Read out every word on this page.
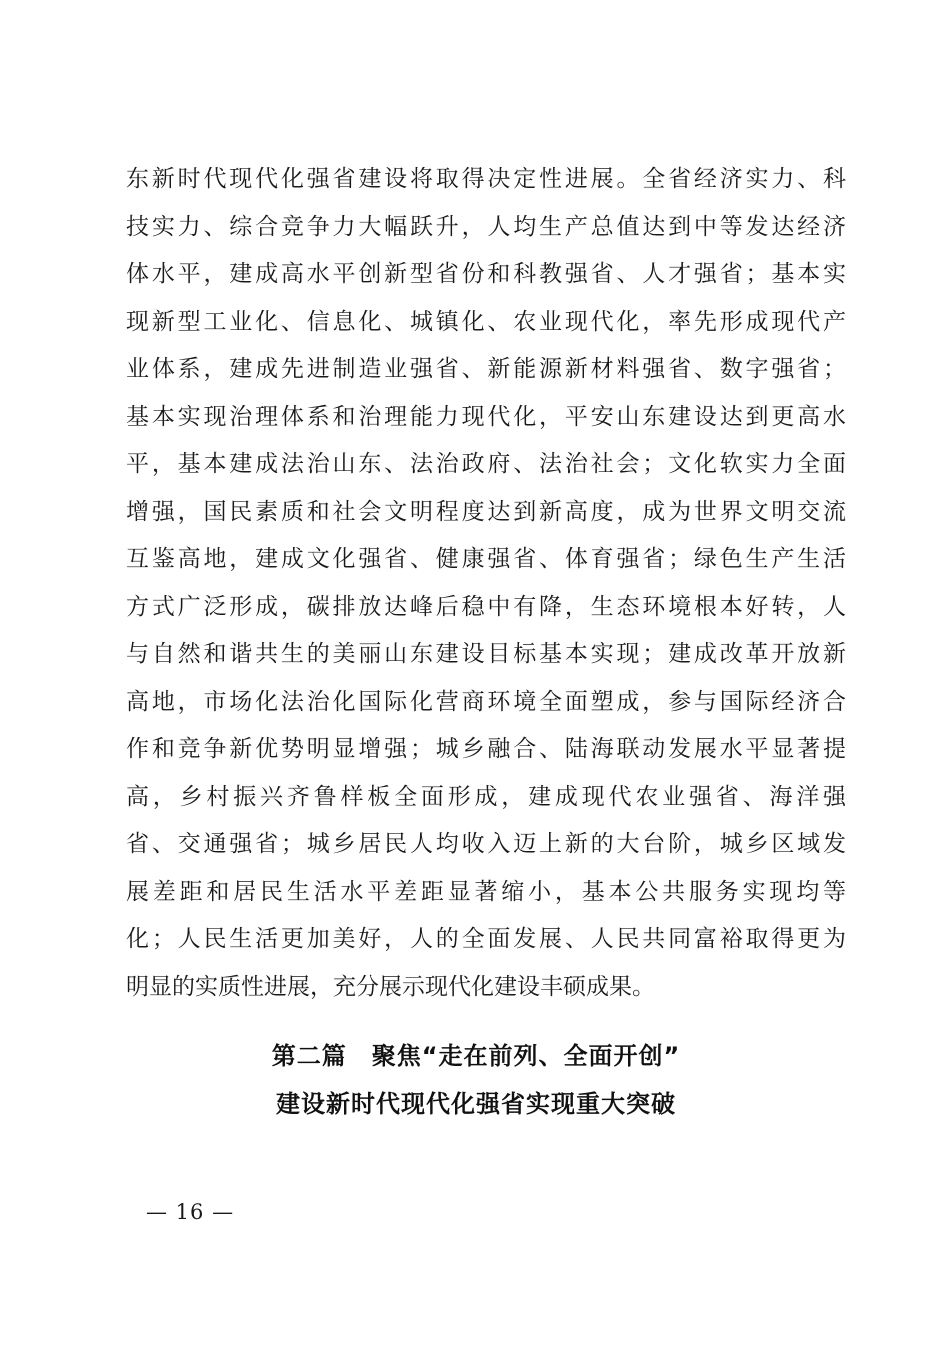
东新时代现代化强省建设将取得决定性进展。全省经济实力、科
技实力、综合竞争力大幅跃升，人均生产总值达到中等发达经济
体水平，建成高水平创新型省份和科教强省、人才强省；基本实
现新型工业化、信息化、城镇化、农业现代化，率先形成现代产
业体系，建成先进制造业强省、新能源新材料强省、数字强省；
基本实现治理体系和治理能力现代化，平安山东建设达到更高水
平，基本建成法治山东、法治政府、法治社会；文化软实力全面
增强，国民素质和社会文明程度达到新高度，成为世界文明交流
互鉴高地，建成文化强省、健康强省、体育强省；绿色生产生活
方式广泛形成，碳排放达峰后稳中有降，生态环境根本好转，人
与自然和谐共生的美丽山东建设目标基本实现；建成改革开放新
高地，市场化法治化国际化营商环境全面塑成，参与国际经济合
作和竞争新优势明显增强；城乡融合、陆海联动发展水平显著提
高，乡村振兴齐鲁样板全面形成，建成现代农业强省、海洋强
省、交通强省；城乡居民人均收入迈上新的大台阶，城乡区域发
展差距和居民生活水平差距显著缩小，基本公共服务实现均等
化；人民生活更加美好，人的全面发展、人民共同富裕取得更为
明显的实质性进展，充分展示现代化建设丰硕成果。
第二篇　聚焦“走在前列、全面开创”
建设新时代现代化强省实现重大突破
— 16 —
